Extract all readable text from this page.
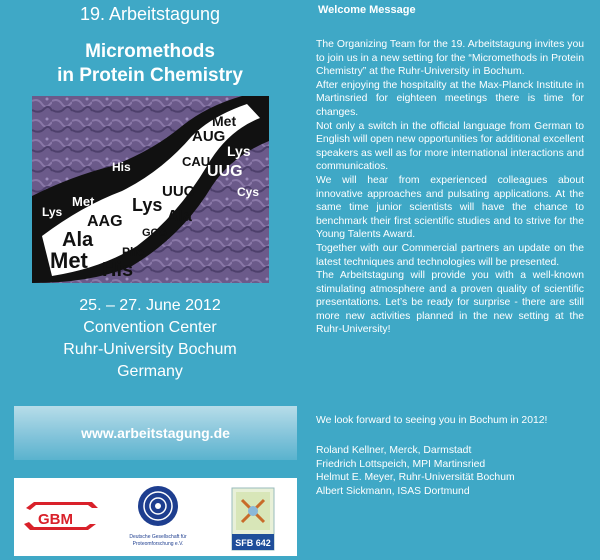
19. Arbeitstagung
Micromethods
in Protein Chemistry
Ala
Met His
AAG
Lys
Phe
GCG
UUC
CAU
AUG
Met
Ala
UUG
Lys
Cys
Met
Lys
His
25. – 27. June 2012
Convention Center
Ruhr-University Bochum
Germany
www.arbeitstagung.de
GBM
Deutsche Gesellschaft für
Proteomforschung e.V.	SFB 642
Welcome Message

The Organizing Team for the 19. Arbeitstagung invites you to join us in a new setting for the “Micromethods in Protein Chemistry” at the Ruhr-University in Bochum.

After enjoying the hospitality at the Max-Planck Institute in Martinsried for eighteen meetings there is time for changes.

Not only a switch in the official language from German to English will open new opportunities for additional excellent speakers as well as for more international interactions and communicatios.

We will hear from experienced colleagues about innovative approaches and pulsating applications. At the same time junior scientists will have the chance to benchmark their first scientific studies and to strive for the Young Talents Award.

Together with our Commercial partners an update on the latest techniques and technologies will be presented.

The Arbeitstagung will provide you with a well-known stimulating atmosphere and a proven quality of scientific presentations. Let’s be ready for surprise - there are still more new activities planned in the new setting at the Ruhr-University!

We look forward to seeing you in Bochum in 2012!
Roland Kellner, Merck, Darmstadt
Friedrich Lottspeich, MPI Martinsried
Helmut E. Meyer, Ruhr-Universität Bochum
Albert Sickmann, ISAS Dortmund
